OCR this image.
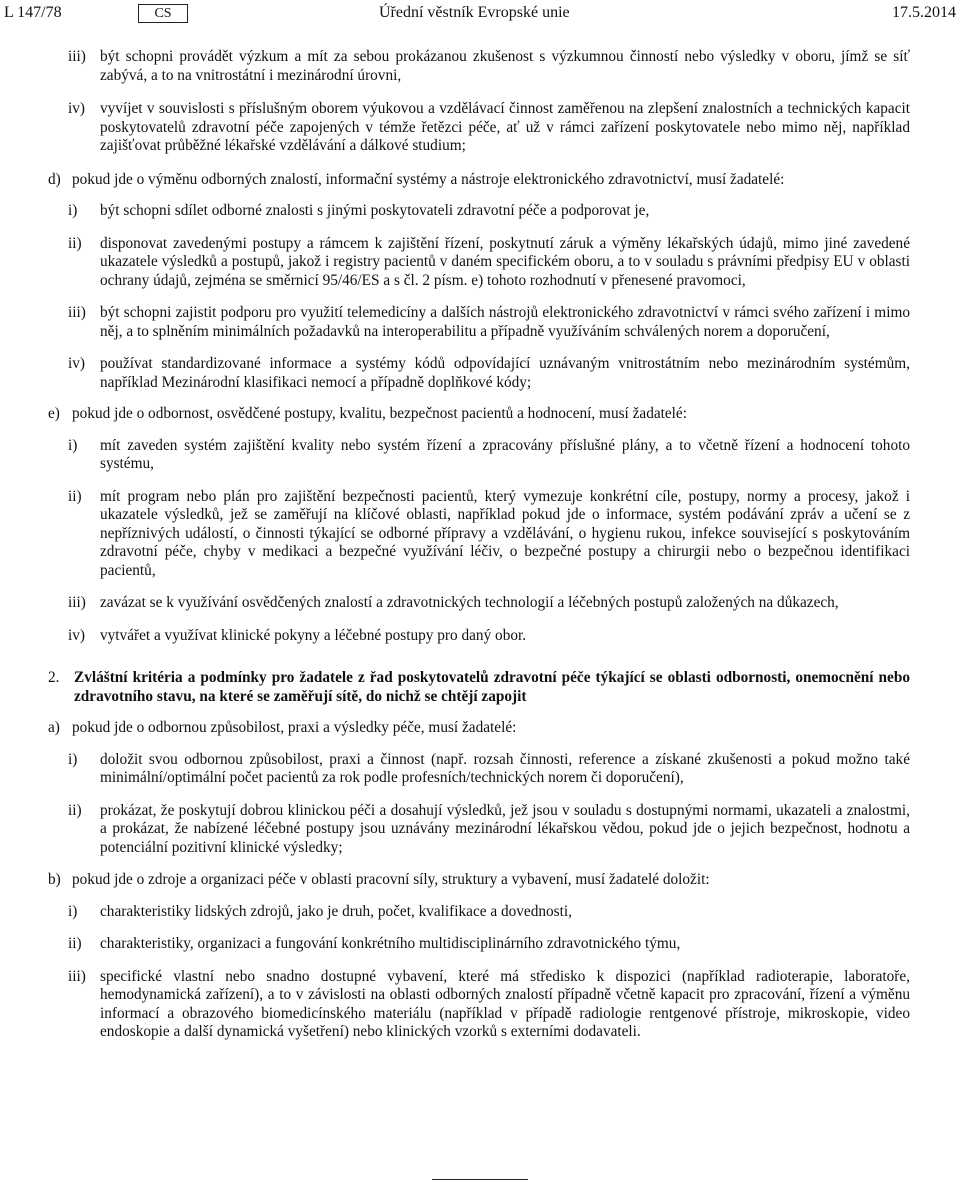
L 147/78	CS	Úřední věstník Evropské unie	17.5.2014
iii) být schopni provádět výzkum a mít za sebou prokázanou zkušenost s výzkumnou činností nebo výsledky v oboru, jímž se síť zabývá, a to na vnitrostátní i mezinárodní úrovni,
iv) vyvíjet v souvislosti s příslušným oborem výukovou a vzdělávací činnost zaměřenou na zlepšení znalostních a technických kapacit poskytovatelů zdravotní péče zapojených v témže řetězci péče, ať už v rámci zařízení poskytovatele nebo mimo něj, například zajišťovat průběžné lékařské vzdělávání a dálkové studium;
d) pokud jde o výměnu odborných znalostí, informační systémy a nástroje elektronického zdravotnictví, musí žadatelé:
i) být schopni sdílet odborné znalosti s jinými poskytovateli zdravotní péče a podporovat je,
ii) disponovat zavedenými postupy a rámcem k zajištění řízení, poskytnutí záruk a výměny lékařských údajů, mimo jiné zavedené ukazatele výsledků a postupů, jakož i registry pacientů v daném specifickém oboru, a to v souladu s právními předpisy EU v oblasti ochrany údajů, zejména se směrnicí 95/46/ES a s čl. 2 písm. e) tohoto rozhodnutí v přenesené pravomoci,
iii) být schopni zajistit podporu pro využití telemedicíny a dalších nástrojů elektronického zdravotnictví v rámci svého zařízení i mimo něj, a to splněním minimálních požadavků na interoperabilitu a případně využíváním schválených norem a doporučení,
iv) používat standardizované informace a systémy kódů odpovídající uznávaným vnitrostátním nebo mezinárodním systémům, například Mezinárodní klasifikaci nemocí a případně doplňkové kódy;
e) pokud jde o odbornost, osvědčené postupy, kvalitu, bezpečnost pacientů a hodnocení, musí žadatelé:
i) mít zaveden systém zajištění kvality nebo systém řízení a zpracovány příslušné plány, a to včetně řízení a hodnocení tohoto systému,
ii) mít program nebo plán pro zajištění bezpečnosti pacientů, který vymezuje konkrétní cíle, postupy, normy a procesy, jakož i ukazatele výsledků, jež se zaměřují na klíčové oblasti, například pokud jde o informace, systém podávání zpráv a učení se z nepříznivých událostí, o činnosti týkající se odborné přípravy a vzdělávání, o hygienu rukou, infekce související s poskytováním zdravotní péče, chyby v medikaci a bezpečné využívání léčiv, o bezpečné postupy a chirurgii nebo o bezpečnou identifikaci pacientů,
iii) zavázat se k využívání osvědčených znalostí a zdravotnických technologií a léčebných postupů založených na důkazech,
iv) vytvářet a využívat klinické pokyny a léčebné postupy pro daný obor.
2. Zvláštní kritéria a podmínky pro žadatele z řad poskytovatelů zdravotní péče týkající se oblasti odbornosti, onemocnění nebo zdravotního stavu, na které se zaměřují sítě, do nichž se chtějí zapojit
a) pokud jde o odbornou způsobilost, praxi a výsledky péče, musí žadatelé:
i) doložit svou odbornou způsobilost, praxi a činnost (např. rozsah činnosti, reference a získané zkušenosti a pokud možno také minimální/optimální počet pacientů za rok podle profesních/technických norem či doporučení),
ii) prokázat, že poskytují dobrou klinickou péči a dosahují výsledků, jež jsou v souladu s dostupnými normami, ukazateli a znalostmi, a prokázat, že nabízené léčebné postupy jsou uznávány mezinárodní lékařskou vědou, pokud jde o jejich bezpečnost, hodnotu a potenciální pozitivní klinické výsledky;
b) pokud jde o zdroje a organizaci péče v oblasti pracovní síly, struktury a vybavení, musí žadatelé doložit:
i) charakteristiky lidských zdrojů, jako je druh, počet, kvalifikace a dovednosti,
ii) charakteristiky, organizaci a fungování konkrétního multidisciplinárního zdravotnického týmu,
iii) specifické vlastní nebo snadno dostupné vybavení, které má středisko k dispozici (například radioterapie, laboratoře, hemodynamická zařízení), a to v závislosti na oblasti odborných znalostí případně včetně kapacit pro zpracování, řízení a výměnu informací a obrazového biomedicínského materiálu (například v případě radiologie rentgenové přístroje, mikroskopie, video endoskopie a další dynamická vyšetření) nebo klinických vzorků s externími dodavateli.
